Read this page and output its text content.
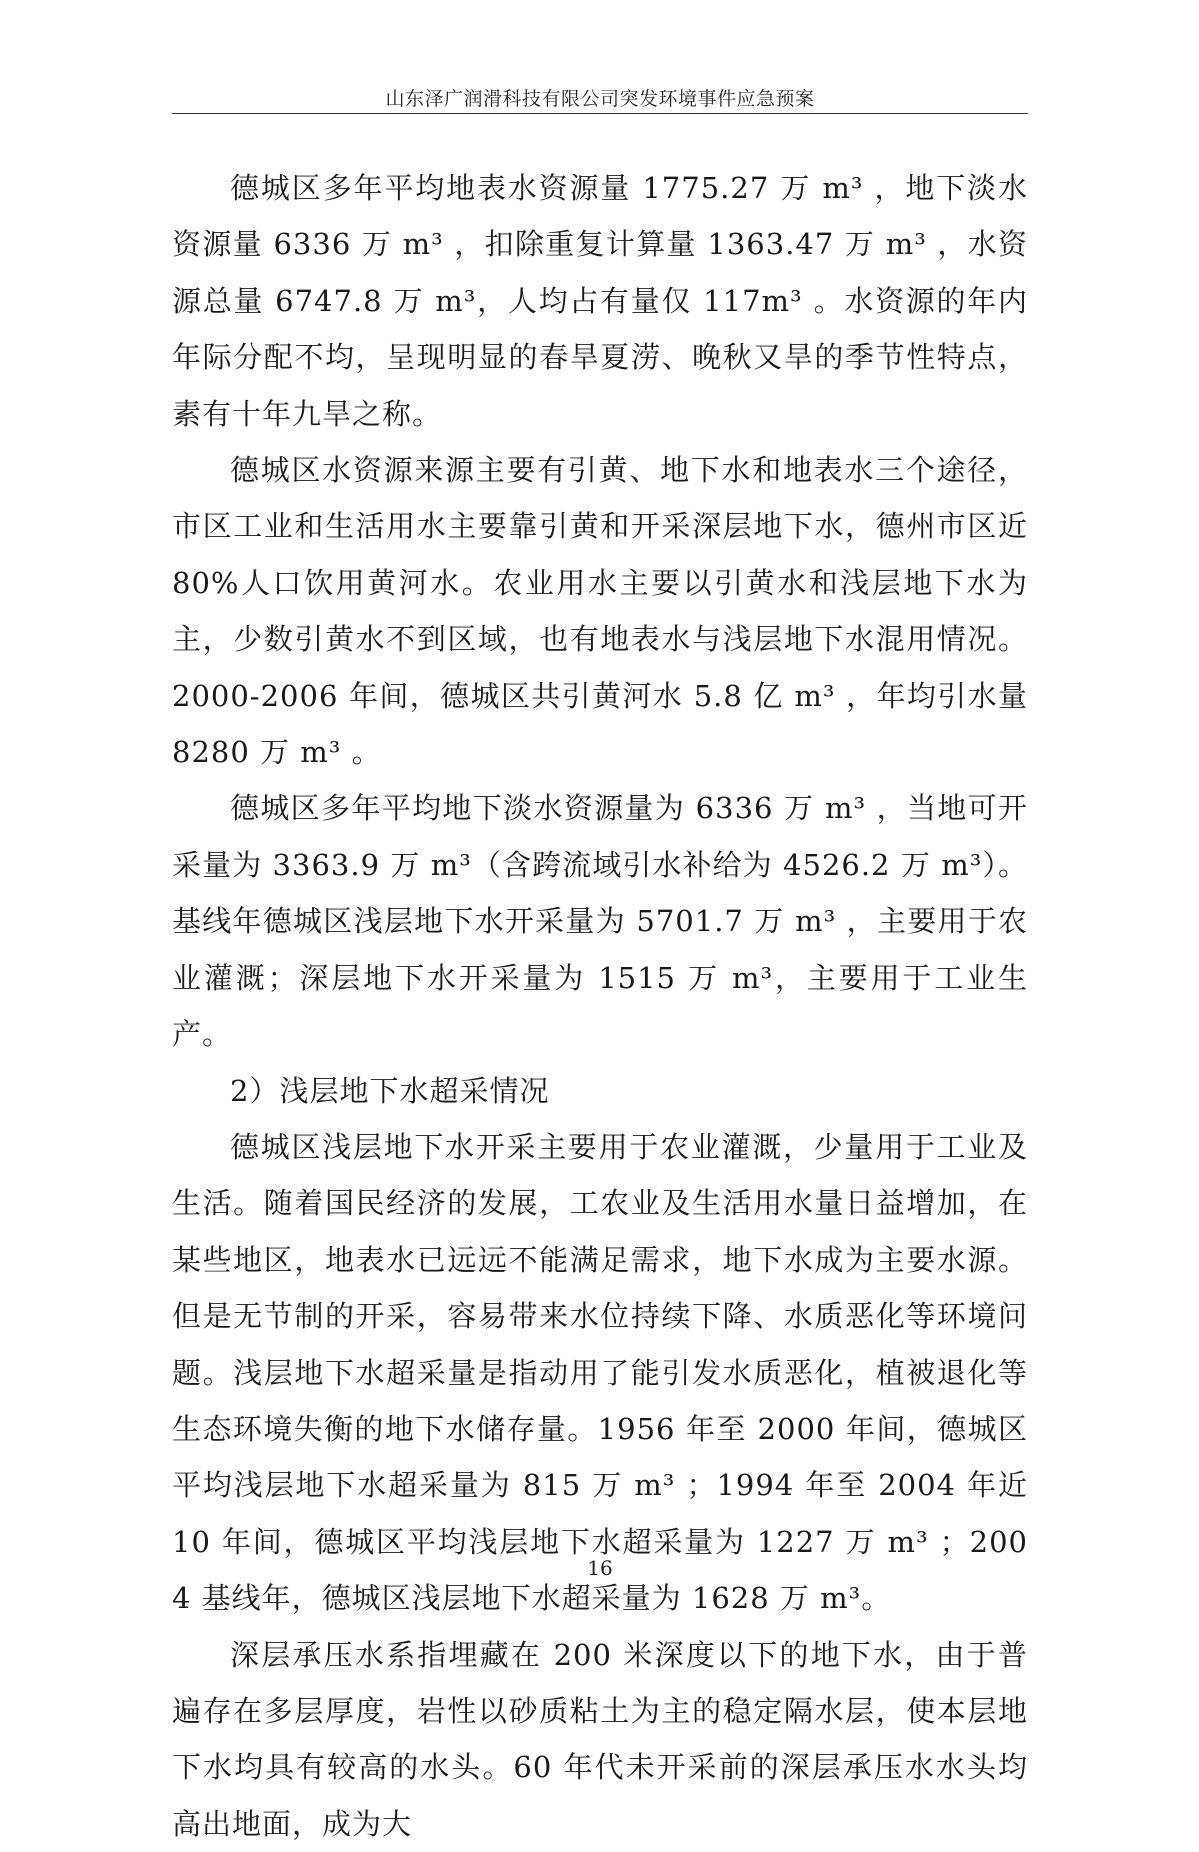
山东泽广润滑科技有限公司突发环境事件应急预案

德城区多年平均地表水资源量 1775.27 万 m³ ，地下淡水资源量 6336 万 m³ ，扣除重复计算量 1363.47 万 m³ ，水资源总量 6747.8 万 m³，人均占有量仅 117m³ 。水资源的年内年际分配不均，呈现明显的春旱夏涝、晚秋又旱的季节性特点，素有十年九旱之称。

德城区水资源来源主要有引黄、地下水和地表水三个途径，市区工业和生活用水主要靠引黄和开采深层地下水，德州市区近 80%人口饮用黄河水。农业用水主要以引黄水和浅层地下水为主，少数引黄水不到区域，也有地表水与浅层地下水混用情况。2000-2006 年间，德城区共引黄河水 5.8 亿 m³ ，年均引水量 8280 万 m³ 。

德城区多年平均地下淡水资源量为 6336 万 m³ ，当地可开采量为 3363.9 万 m³（含跨流域引水补给为 4526.2 万 m³）。基线年德城区浅层地下水开采量为 5701.7 万 m³ ，主要用于农业灌溉；深层地下水开采量为 1515 万 m³，主要用于工业生产。

2）浅层地下水超采情况

德城区浅层地下水开采主要用于农业灌溉，少量用于工业及生活。随着国民经济的发展，工农业及生活用水量日益增加，在某些地区，地表水已远远不能满足需求，地下水成为主要水源。但是无节制的开采，容易带来水位持续下降、水质恶化等环境问题。浅层地下水超采量是指动用了能引发水质恶化，植被退化等生态环境失衡的地下水储存量。1956 年至 2000 年间，德城区平均浅层地下水超采量为 815 万 m³ ；1994 年至 2004 年近 10 年间，德城区平均浅层地下水超采量为 1227 万 m³ ；2004 基线年，德城区浅层地下水超采量为 1628 万 m³。

深层承压水系指埋藏在 200 米深度以下的地下水，由于普遍存在多层厚度，岩性以砂质粘土为主的稳定隔水层，使本层地下水均具有较高的水头。60 年代未开采前的深层承压水水头均高出地面，成为大

16
